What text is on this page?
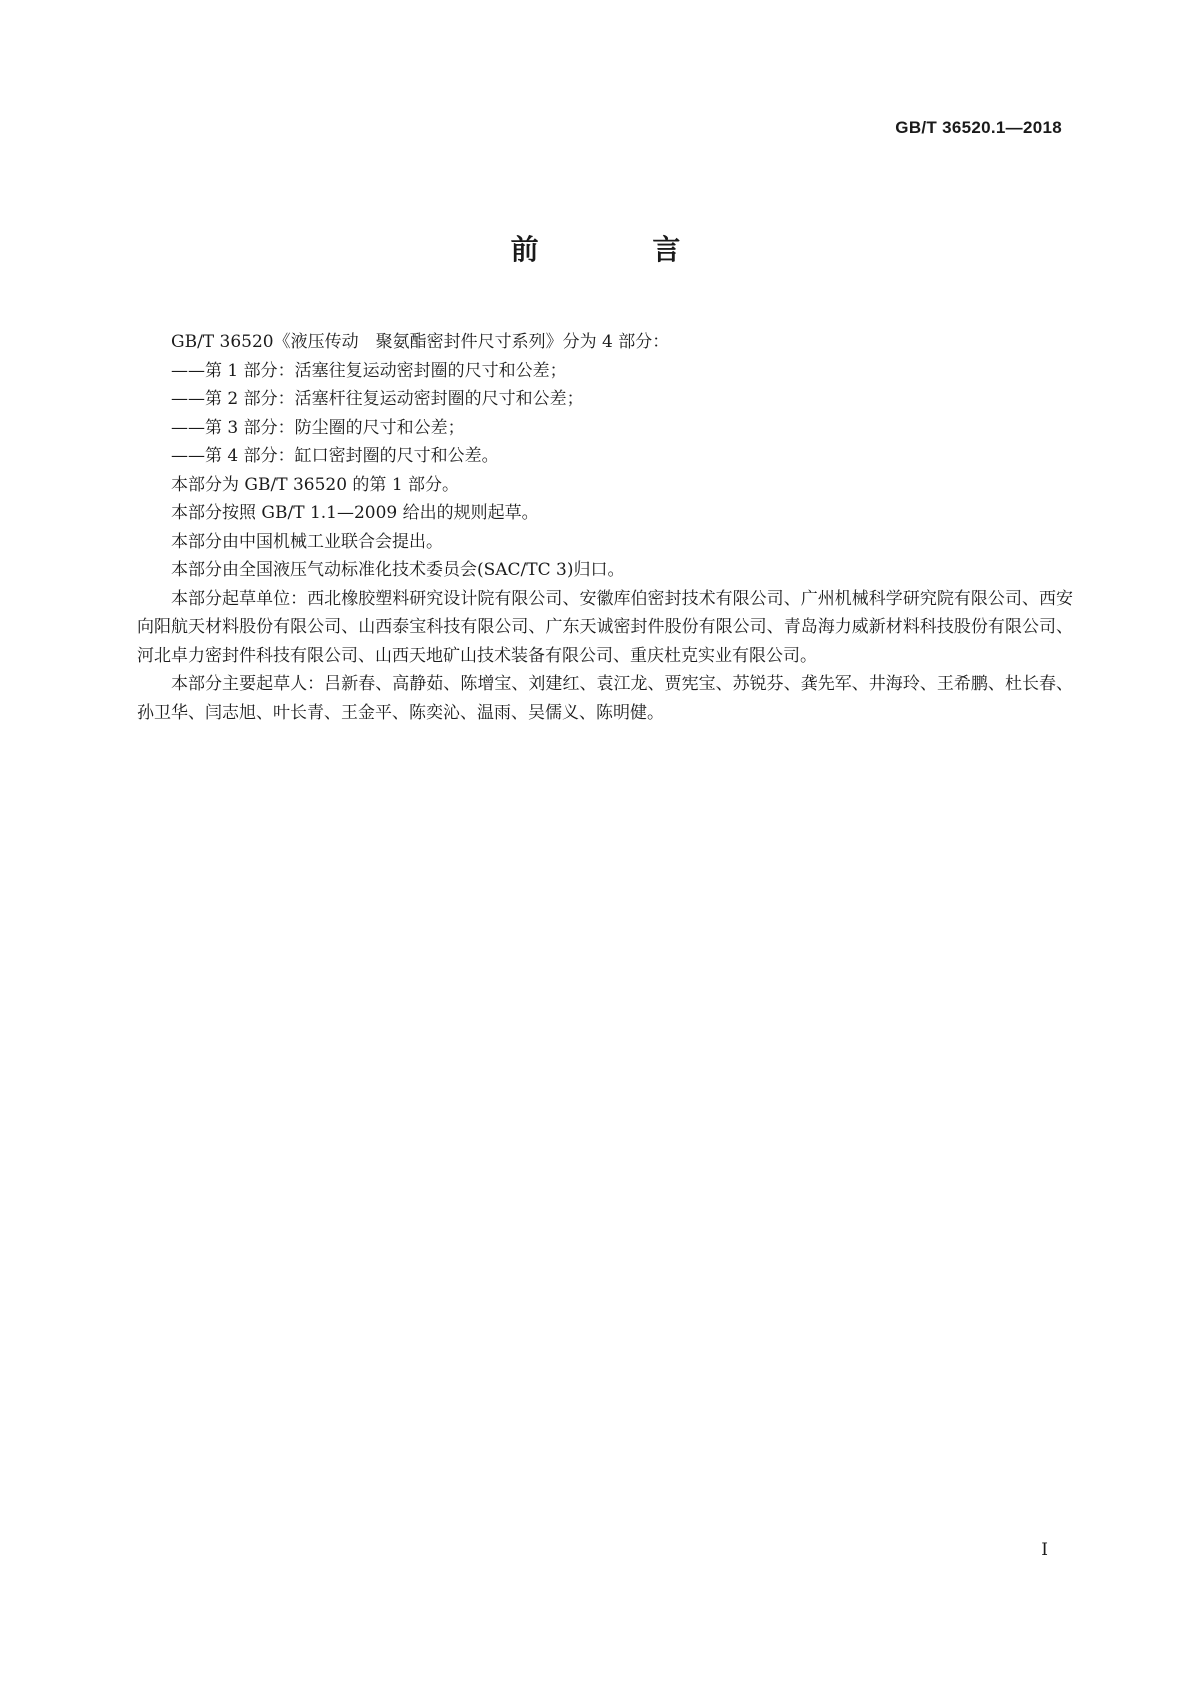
GB/T 36520.1—2018
前 言

GB/T 36520《液压传动　聚氨酯密封件尺寸系列》分为 4 部分：

——第 1 部分：活塞往复运动密封圈的尺寸和公差；

——第 2 部分：活塞杆往复运动密封圈的尺寸和公差；

——第 3 部分：防尘圈的尺寸和公差；

——第 4 部分：缸口密封圈的尺寸和公差。

本部分为 GB/T 36520 的第 1 部分。

本部分按照 GB/T 1.1—2009 给出的规则起草。

本部分由中国机械工业联合会提出。

本部分由全国液压气动标准化技术委员会(SAC/TC 3)归口。

本部分起草单位：西北橡胶塑料研究设计院有限公司、安徽库伯密封技术有限公司、广州机械科学研究院有限公司、西安向阳航天材料股份有限公司、山西泰宝科技有限公司、广东天诚密封件股份有限公司、青岛海力威新材料科技股份有限公司、河北卓力密封件科技有限公司、山西天地矿山技术装备有限公司、重庆杜克实业有限公司。

本部分主要起草人：吕新春、高静茹、陈增宝、刘建红、袁江龙、贾宪宝、苏锐芬、龚先军、井海玲、王希鹏、杜长春、孙卫华、闫志旭、叶长青、王金平、陈奕沁、温雨、吴儒义、陈明健。

I
